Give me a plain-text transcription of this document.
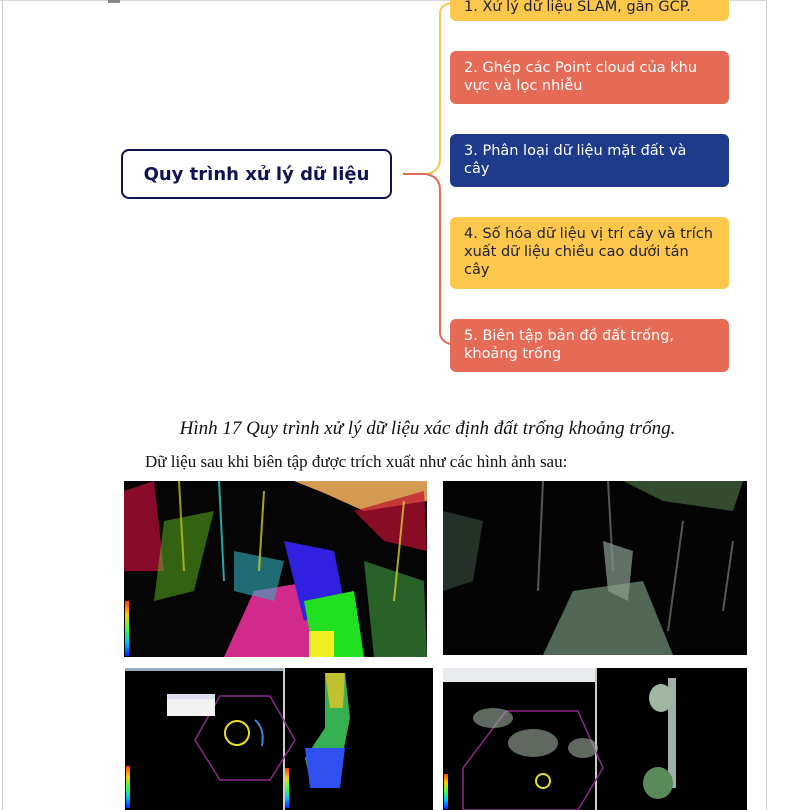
Quy trình xử lý dữ liệu
1. Xử lý dữ liệu SLAM, gắn GCP.
2. Ghép các Point cloud của khu vực và lọc nhiễu
3. Phân loại dữ liệu mặt đất và cây
4. Số hóa dữ liệu vị trí cây và trích xuất dữ liệu chiều cao dưới tán cây
5. Biên tập bản đồ đất trống, khoảng trống
Hình 17 Quy trình xử lý dữ liệu xác định đất trống khoảng trống.
Dữ liệu sau khi biên tập được trích xuất như các hình ảnh sau:
